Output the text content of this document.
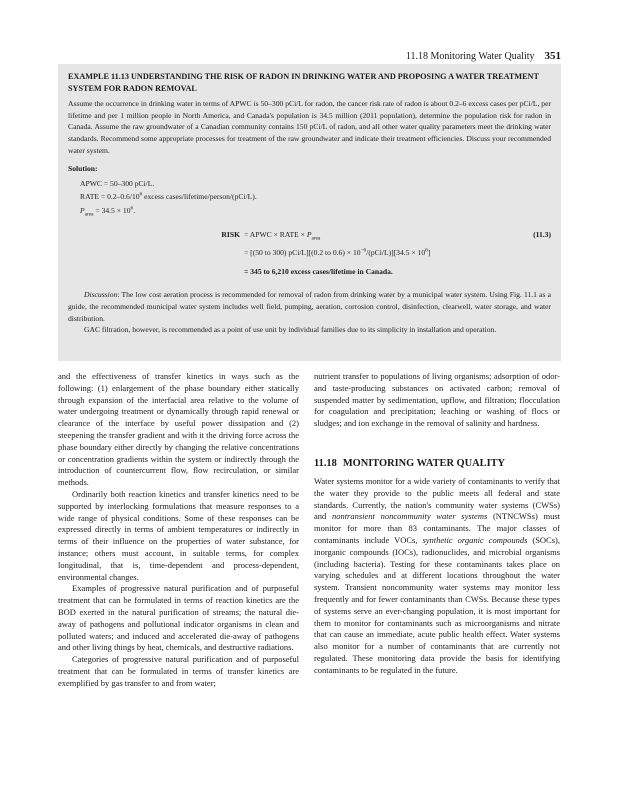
11.18 Monitoring Water Quality 351

EXAMPLE 11.13 UNDERSTANDING THE RISK OF RADON IN DRINKING WATER AND PROPOSING A WATER TREATMENT SYSTEM FOR RADON REMOVAL

Assume the occurrence in drinking water in terms of APWC is 50–300 pCi/L for radon, the cancer risk rate of radon is about 0.2–6 excess cases per pCi/L, per lifetime and per 1 million people in North America, and Canada's population is 34.5 million (2011 population), determine the population risk for radon in Canada. Assume the raw groundwater of a Canadian community contains 150 pCi/L of radon, and all other water quality parameters meet the drinking water standards. Recommend some appropriate processes for treatment of the raw groundwater and indicate their treatment efficiencies. Discuss your recommended water system.

Solution:

APWC = 50–300 pCi/L.

RATE = $0.2-0.6/10^6$ excess cases/lifetime/person/(pCi/L).

$P_{area} = 34.5 \times 10^6$.

RISK = APWC × RATE × $P_{area}$	(11.3)
= [(50 to 300) pCi/L][(0.2 to $0.6) \times 10^{-6}/(pCi/L)][34.5 \times 10^6]$
= 345 to 6,210 excess cases/lifetime in Canada.

Discussion: The low cost aeration process is recommended for removal of radon from drinking water by a municipal water system. Using Fig. 11.1 as a guide, the recommended municipal water system includes well field, pumping, aeration, corrosion control, disinfection, clearwell, water storage, and water distribution.

GAC filtration, however, is recommended as a point of use unit by individual families due to its simplicity in installation and operation.

and the effectiveness of transfer kinetics in ways such as the following: (1) enlargement of the phase boundary either statically through expansion of the interfacial area relative to the volume of water undergoing treatment or dynamically through rapid renewal or clearance of the interface by useful power dissipation and (2) steepening the transfer gradient and with it the driving force across the phase boundary either directly by changing the relative concentrations or concentration gradients within the system or indirectly through the introduction of countercurrent flow, flow recirculation, or similar methods.

Ordinarily both reaction kinetics and transfer kinetics need to be supported by interlocking formulations that measure responses to a wide range of physical conditions. Some of these responses can be expressed directly in terms of ambient temperatures or indirectly in terms of their influence on the properties of water substance, for instance; others must account, in suitable terms, for complex longitudinal, that is, time-dependent and process-dependent, environmental changes.

Examples of progressive natural purification and of purposeful treatment that can be formulated in terms of reaction kinetics are the BOD exerted in the natural purification of streams; the natural die-away of pathogens and pollutional indicator organisms in clean and polluted waters; and induced and accelerated die-away of pathogens and other living things by heat, chemicals, and destructive radiations.

Categories of progressive natural purification and of purposeful treatment that can be formulated in terms of transfer kinetics are exemplified by gas transfer to and from water;

nutrient transfer to populations of living organisms; adsorption of odor- and taste-producing substances on activated carbon; removal of suspended matter by sedimentation, upflow, and filtration; flocculation for coagulation and precipitation; leaching or washing of flocs or sludges; and ion exchange in the removal of salinity and hardness.

11.18 MONITORING WATER QUALITY

Water systems monitor for a wide variety of contaminants to verify that the water they provide to the public meets all federal and state standards. Currently, the nation's community water systems (CWSs) and nontransient noncommunity water systems (NTNCWSs) must monitor for more than 83 contaminants. The major classes of contaminants include VOCs, synthetic organic compounds (SOCs), inorganic compounds (IOCs), radionuclides, and microbial organisms (including bacteria). Testing for these contaminants takes place on varying schedules and at different locations throughout the water system. Transient noncommunity water systems may monitor less frequently and for fewer contaminants than CWSs. Because these types of systems serve an ever-changing population, it is most important for them to monitor for contaminants such as microorganisms and nitrate that can cause an immediate, acute public health effect. Water systems also monitor for a number of contaminants that are currently not regulated. These monitoring data provide the basis for identifying contaminants to be regulated in the future.
